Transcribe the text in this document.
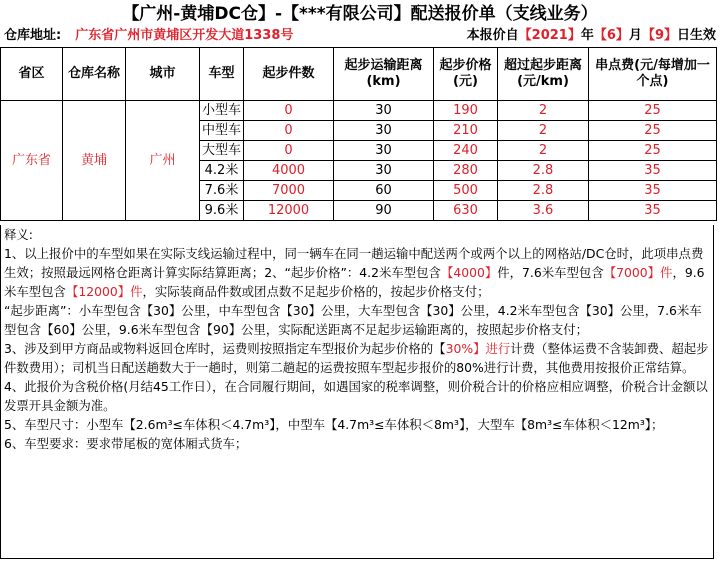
【广州-黄埔DC仓】-【***有限公司】配送报价单（支线业务）
仓库地址: 广东省广州市黄埔区开发大道1338号	本报价自【2021】年【6】月【9】日生效
省区	仓库名称	城市	车型	起步件数	起步运输距离(km)	起步价格(元)	超过起步距离(元/km)	串点费(元/每增加一个点)
广东省	黄埔	广州	小型车	0	30	190	2	25
			中型车	0	30	210	2	25
			大型车	0	30	240	2	25
			4.2米	4000	30	280	2.8	35
			7.6米	7000	60	500	2.8	35
			9.6米	12000	90	630	3.6	35

释义:

1、以上报价中的车型如果在实际支线运输过程中，同一辆车在同一趟运输中配送两个或两个以上的网格站/DC仓时，此项串点费生效；按照最远网格仓距离计算实际结算距离；2、“起步价格”：4.2米车型包含【4000】件，7.6米车型包含【7000】件，9.6米车型包含【12000】件，实际装商品件数或团点数不足起步价格的，按起步价格支付；

“起步距离”：小车型包含【30】公里，中车型包含【30】公里，大车型包含【30】公里，4.2米车型包含【30】公里，7.6米车型包含【60】公里，9.6米车型包含【90】公里，实际配送距离不足起步运输距离的，按照起步价格支付；

3、涉及到甲方商品或物料返回仓库时，运费则按照指定车型报价为起步价格的【30%】进行计费（整体运费不含装卸费、超起步件数费用）；司机当日配送趟数大于一趟时，则第二趟起的运费按照车型起步报价的80%进行计费，其他费用按报价正常结算。

4、此报价为含税价格(月结45工作日），在合同履行期间，如遇国家的税率调整，则价税合计的价格应相应调整，价税合计金额以发票开具金额为准。

5、车型尺寸：小型车【2.6m³≤车体积＜4.7m³】，中型车【4.7m³≤车体积＜8m³】，大型车【8m³≤车体积＜12m³】；

6、车型要求：要求带尾板的宽体厢式货车；
